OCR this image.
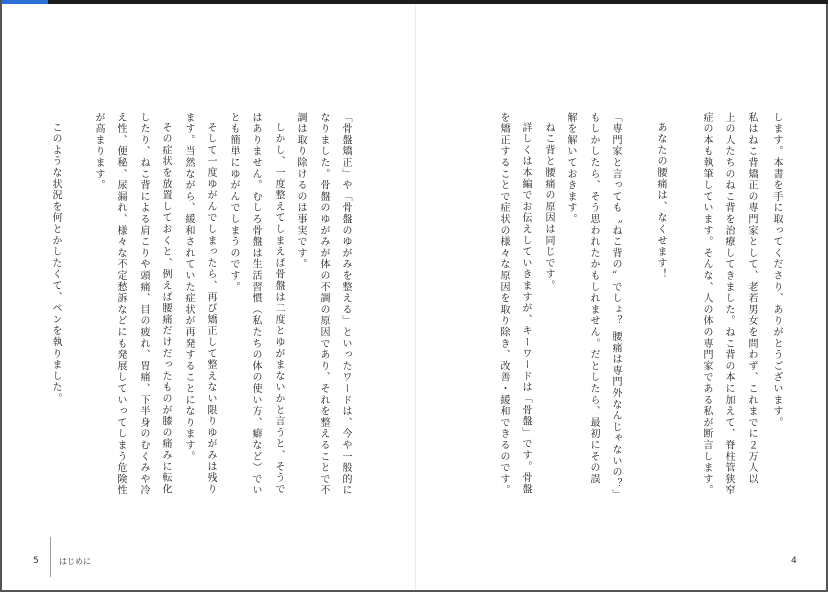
します。本書を手に取ってくださり、ありがとうございます。
私はねこ背矯正の専門家として、老若男女を問わず、これまでに２万人以
上の人たちのねこ背を治療してきました。ねこ背の本に加えて、脊柱管狭窄
症の本も執筆しています。そんな、人の体の専門家である私が断言します。
あなたの腰痛は、なくせます！
「専門家と言っても〝ねこ背の〟でしょ？ 腰痛は専門外なんじゃないの？」
もしかしたら、そう思われたかもしれません。だとしたら、最初にその誤
解を解いておきます。
ねこ背と腰痛の原因は同じです。
詳しくは本編でお伝えしていきますが、キーワードは「骨盤」です。骨盤
を矯正することで症状の様々な原因を取り除き、改善・緩和できるのです。
「骨盤矯正」や「骨盤のゆがみを整える」といったワードは、今や一般的に
なりました。骨盤のゆがみが体の不調の原因であり、それを整えることで不
調は取り除けるのは事実です。
しかし、一度整えてしまえば骨盤は二度とゆがまないかと言うと、そうで
はありません。むしろ骨盤は生活習慣（私たちの体の使い方、癖など）でい
とも簡単にゆがんでしまうのです。
そして一度ゆがんでしまったら、再び矯正して整えない限りゆがみは残り
ます。当然ながら、緩和されていた症状が再発することになります。
その症状を放置しておくと、例えば腰痛だけだったものが膝の痛みに転化
したり、ねこ背による肩こりや頭痛、目の疲れ、胃痛、下半身のむくみや冷
え性、便秘、尿漏れ、様々な不定愁訴などにも発展していってしまう危険性
が高まります。
このような状況を何とかしたくて、ペンを執りました。
5	はじめに	4
